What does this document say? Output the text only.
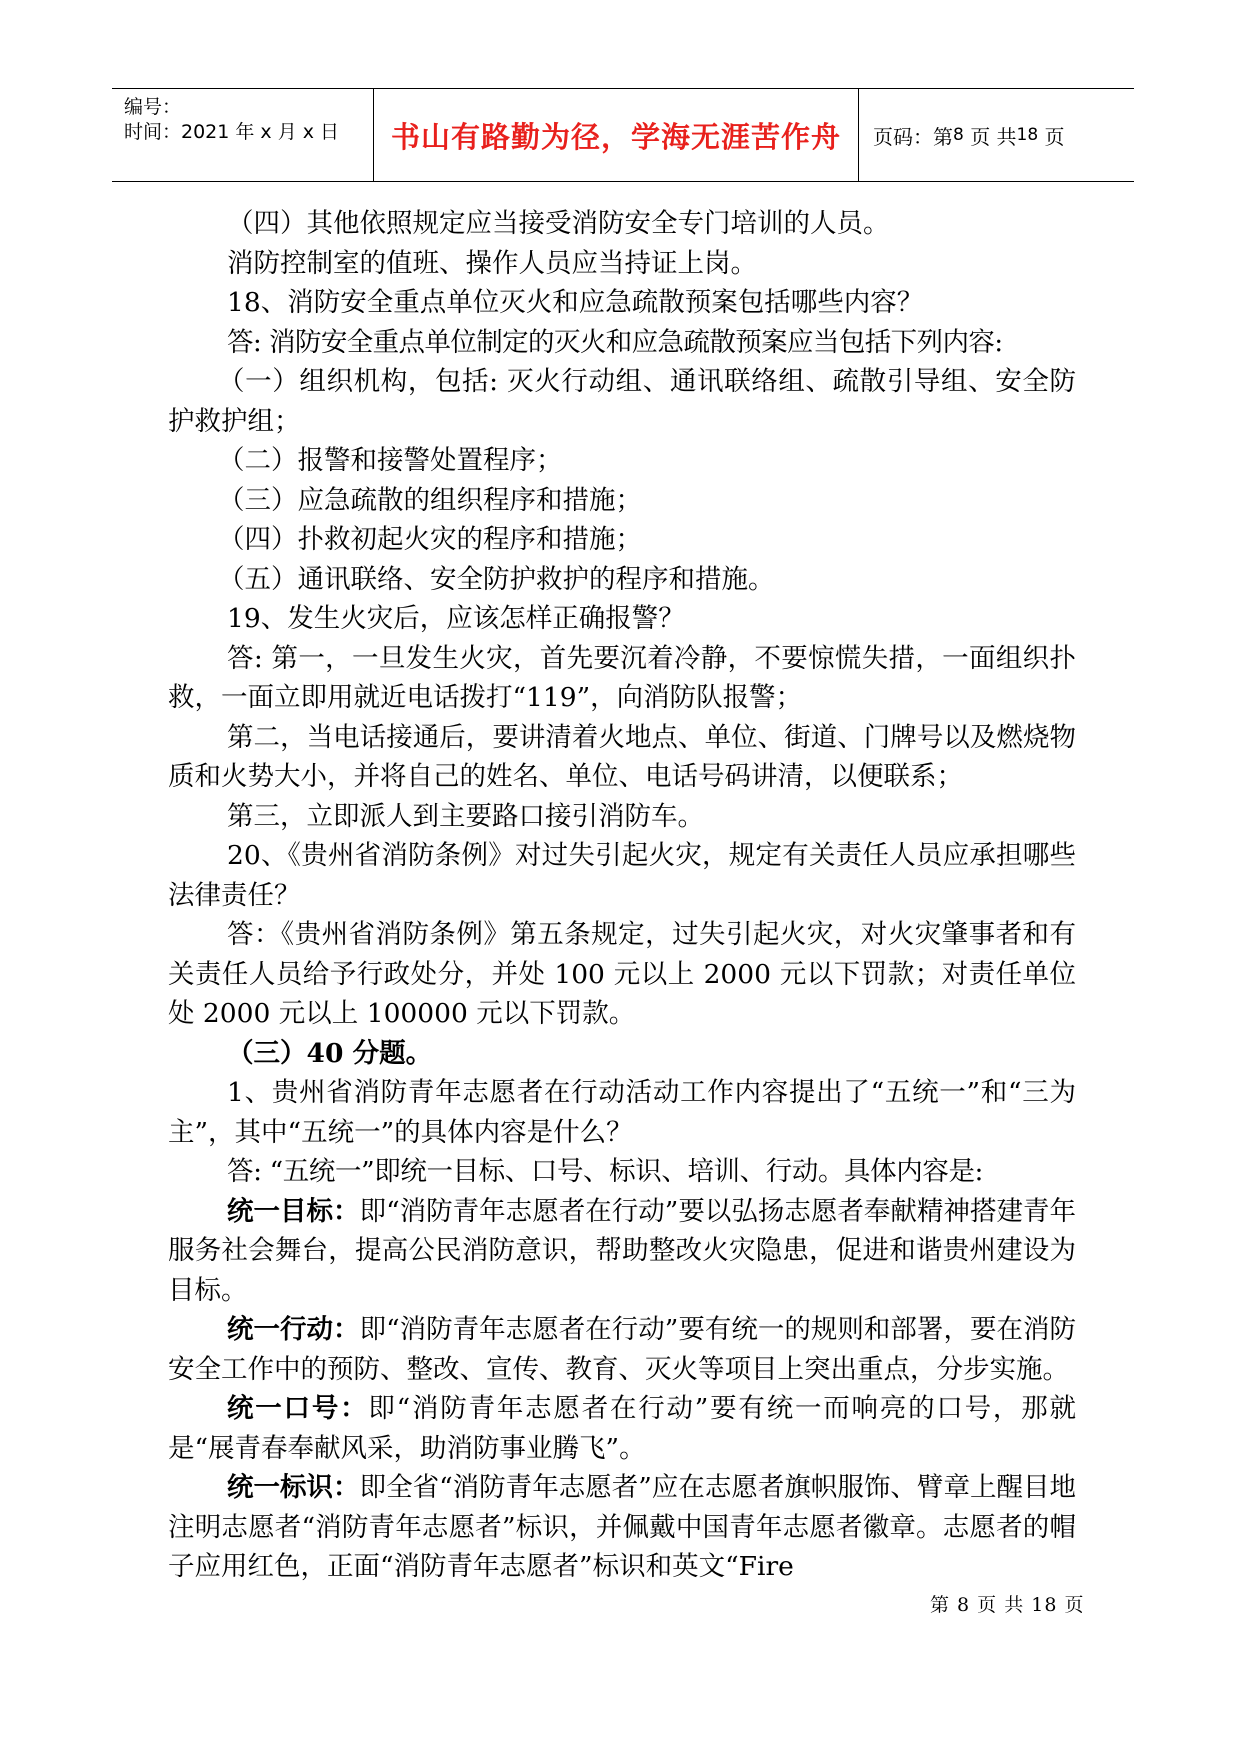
编号：
时间：2021 年 x 月 x 日	书山有路勤为径，学海无涯苦作舟	页码：第 8
页 共 18
页

（四）其他依照规定应当接受消防安全专门培训的人员。

消防控制室的值班、操作人员应当持证上岗。

18、消防安全重点单位灭火和应急疏散预案包括哪些内容？

答: 消防安全重点单位制定的灭火和应急疏散预案应当包括下列内容:

（一）组织机构，包括: 灭火行动组、通讯联络组、疏散引导组、安全防护救护组；

（二）报警和接警处置程序；

（三）应急疏散的组织程序和措施；

（四）扑救初起火灾的程序和措施；

（五）通讯联络、安全防护救护的程序和措施。

19、发生火灾后，应该怎样正确报警？

答: 第一，一旦发生火灾，首先要沉着冷静，不要惊慌失措，一面组织扑救，一面立即用就近电话拨打“119”，向消防队报警；

第二，当电话接通后，要讲清着火地点、单位、街道、门牌号以及燃烧物质和火势大小，并将自己的姓名、单位、电话号码讲清，以便联系；

第三，立即派人到主要路口接引消防车。

20、《贵州省消防条例》对过失引起火灾，规定有关责任人员应承担哪些法律责任？

答：《贵州省消防条例》第五条规定，过失引起火灾，对火灾肇事者和有关责任人员给予行政处分，并处 100 元以上 2000 元以下罚款；对责任单位处 2000 元以上 100000 元以下罚款。

（三）40 分题。

1、贵州省消防青年志愿者在行动活动工作内容提出了“五统一”和“三为主”，其中“五统一”的具体内容是什么？

答: “五统一”即统一目标、口号、标识、培训、行动。具体内容是:

统一目标：即“消防青年志愿者在行动”要以弘扬志愿者奉献精神搭建青年服务社会舞台，提高公民消防意识，帮助整改火灾隐患，促进和谐贵州建设为目标。

统一行动：即“消防青年志愿者在行动”要有统一的规则和部署，要在消防安全工作中的预防、整改、宣传、教育、灭火等项目上突出重点，分步实施。

统一口号：即“消防青年志愿者在行动”要有统一而响亮的口号，那就是“展青春奉献风采，助消防事业腾飞”。

统一标识：即全省“消防青年志愿者”应在志愿者旗帜服饰、臂章上醒目地注明志愿者“消防青年志愿者”标识，并佩戴中国青年志愿者徽章。志愿者的帽子应用红色，正面“消防青年志愿者”标识和英文“Fire

第 8 页 共 18 页
